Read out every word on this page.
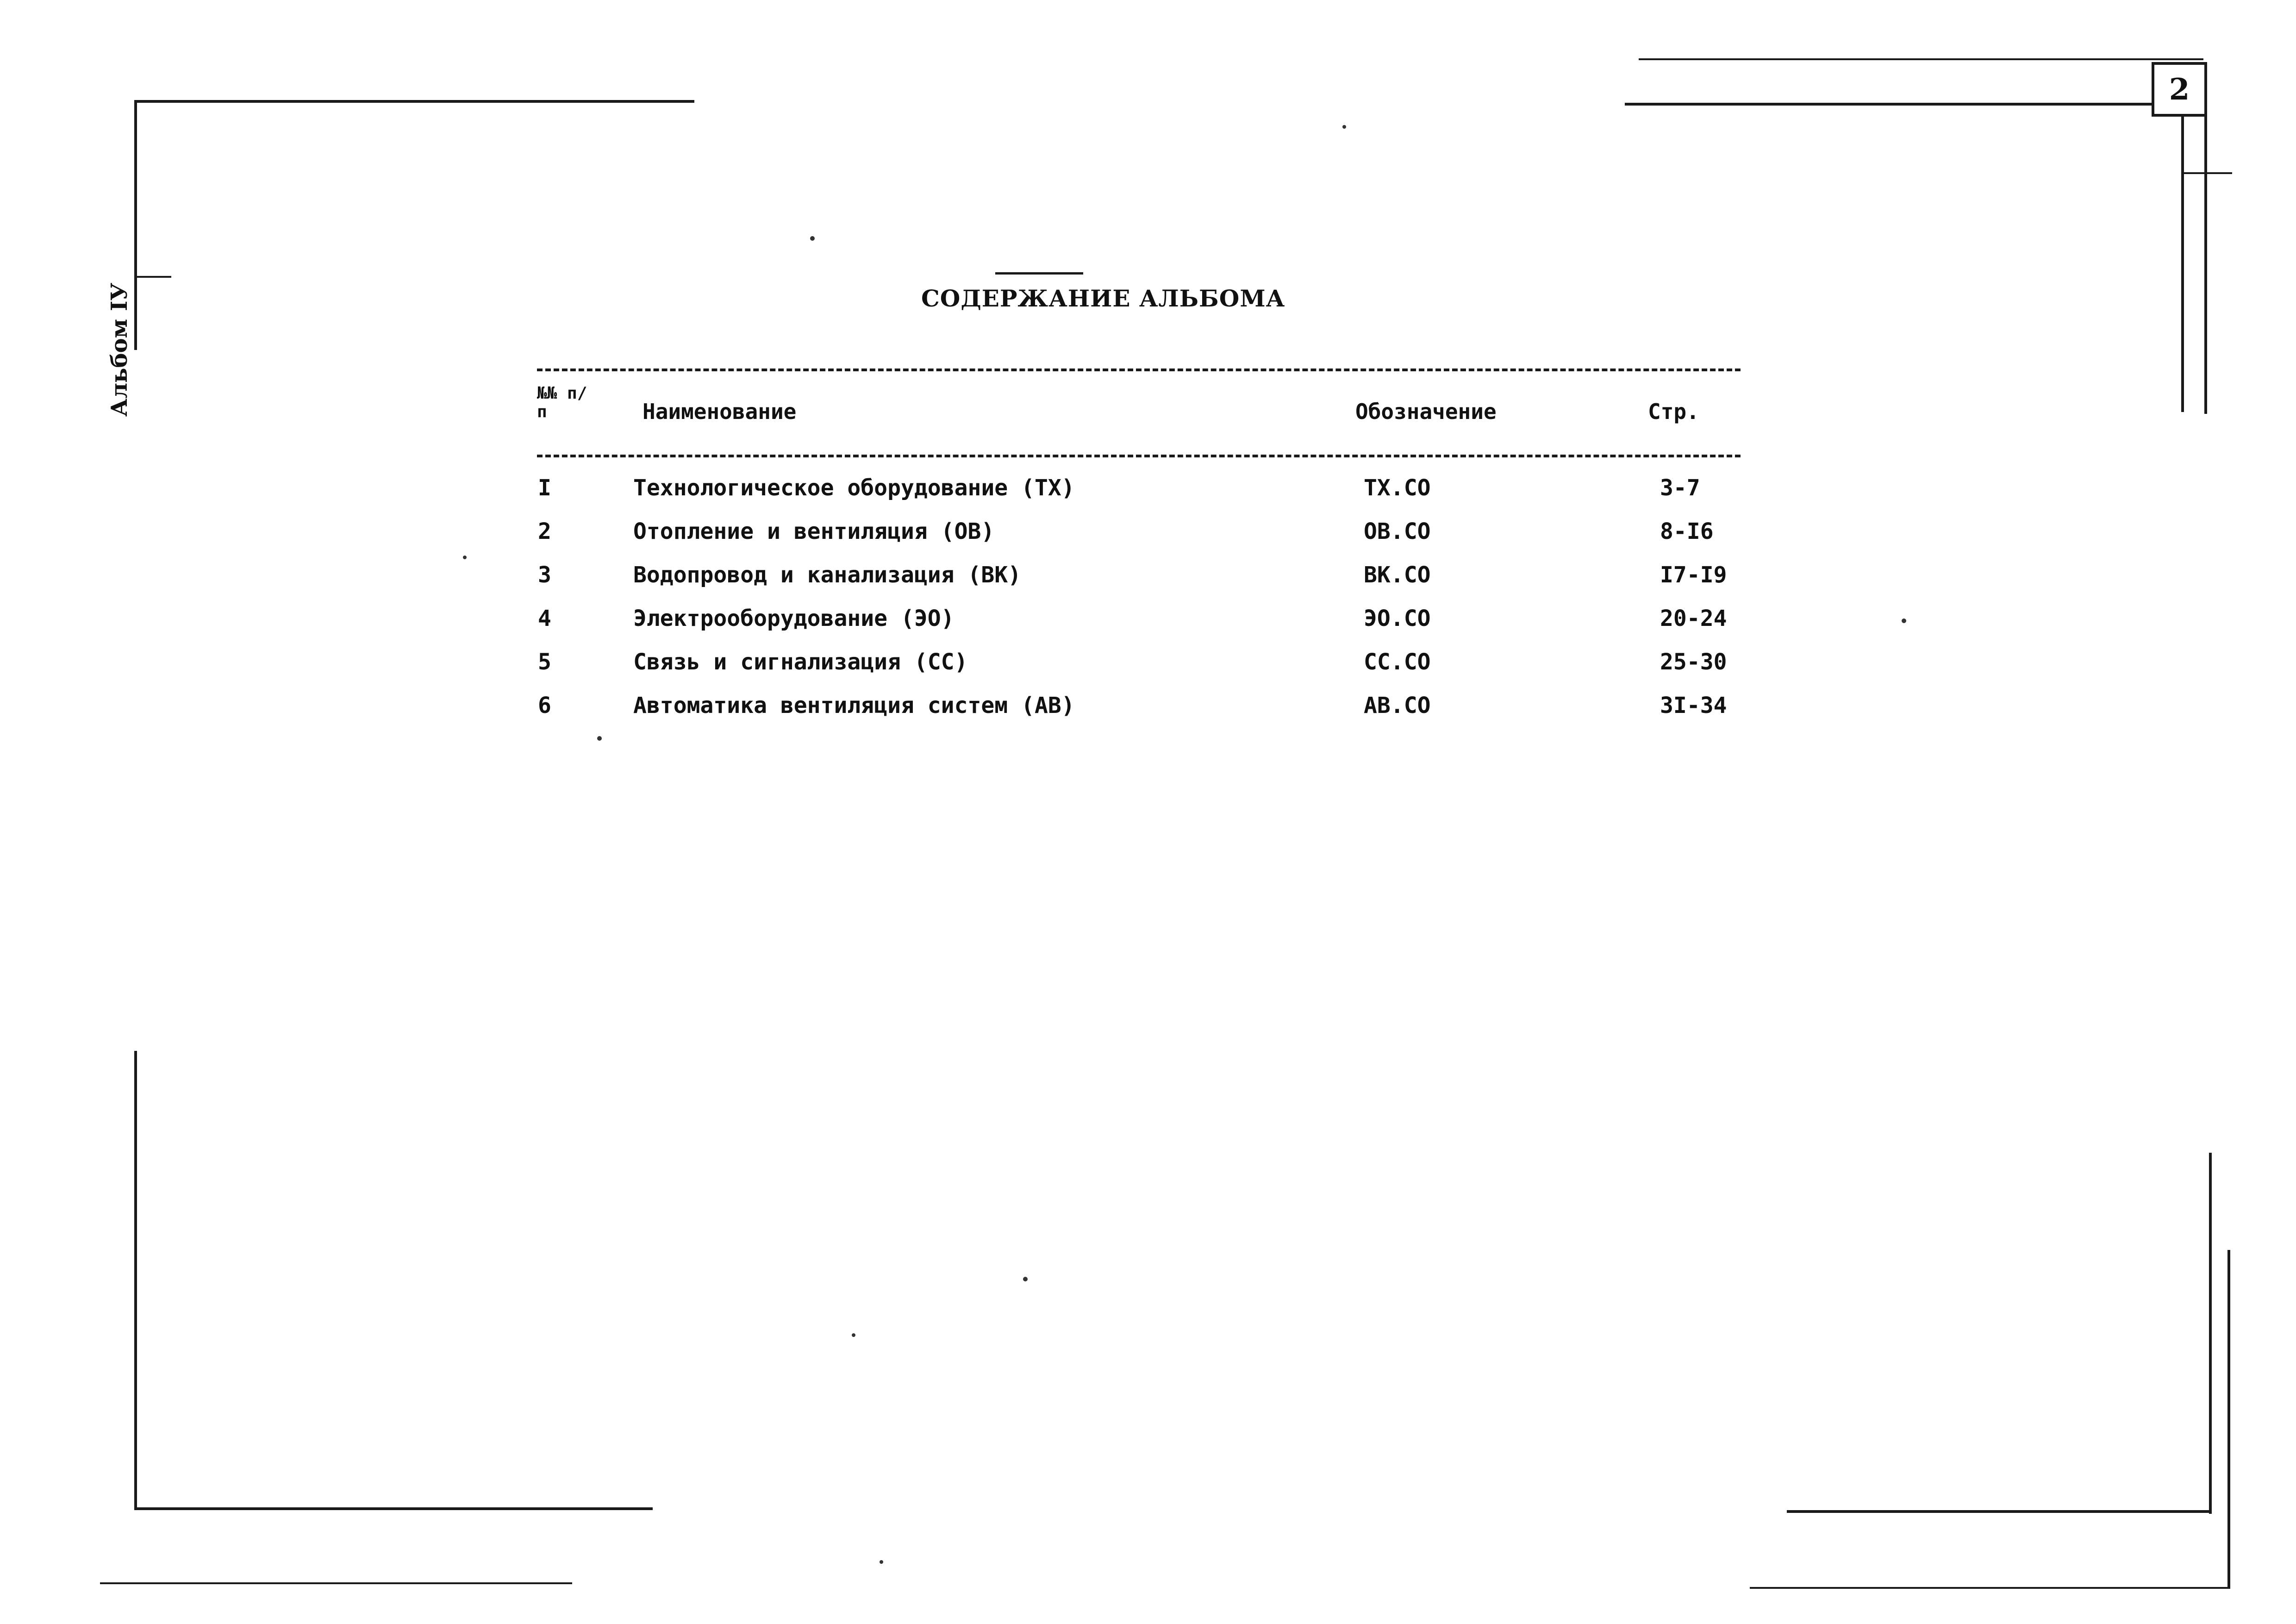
2
Альбом IУ	СОДЕРЖАНИЕ АЛЬБОМА
№№ п/п	Наименование	Обозначение	Стр.
I	Технологическое оборудование (ТХ)	ТХ.СО	3-7
2	Отопление и вентиляция (ОВ)	ОВ.СО	8-I6
3	Водопровод и канализация (ВК)	ВК.СО	I7-I9
4	Электрооборудование (ЭО)	ЭО.СО	20-24
5	Связь и сигнализация (СС)	СС.СО	25-30
6	Автоматика вентиляция систем (АВ)	АВ.СО	3I-34
